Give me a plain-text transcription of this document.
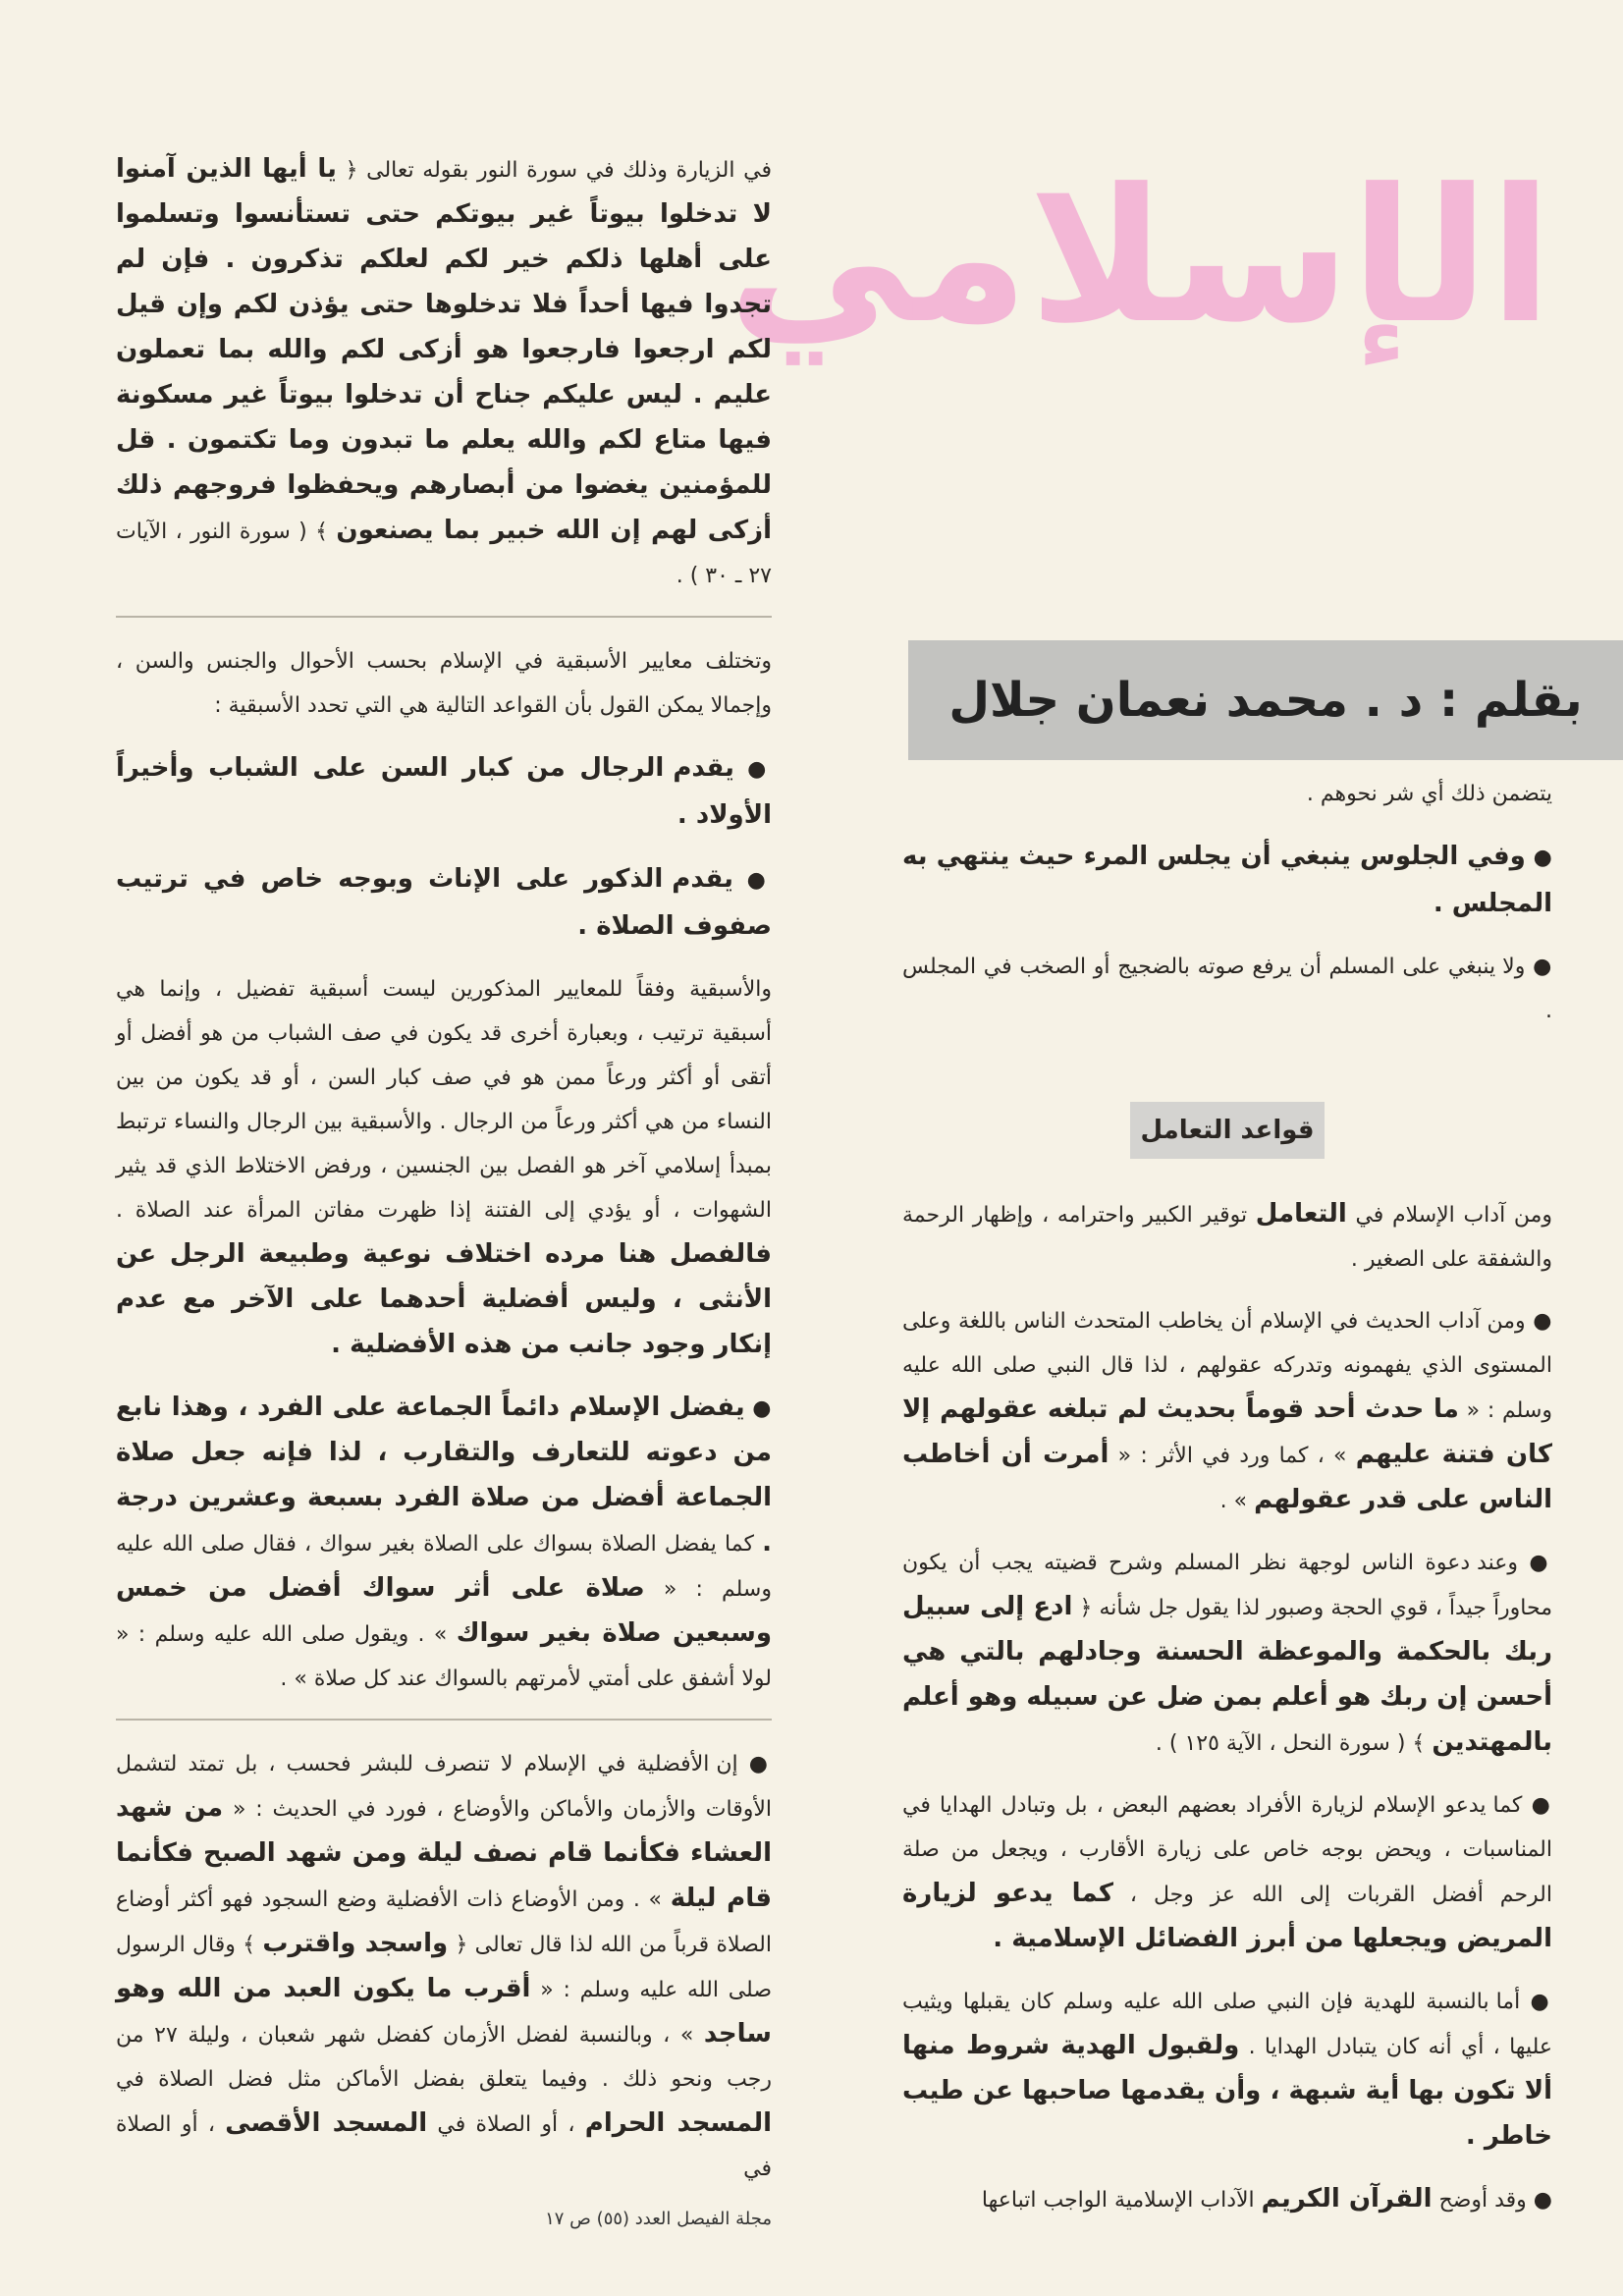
الإسلامي
بقلم : د . محمد نعمان جلال

يتضمن ذلك أي شر نحوهم .

● وفي الجلوس ينبغي أن يجلس المرء حيث ينتهي به المجلس .

● ولا ينبغي على المسلم أن يرفع صوته بالضجيج أو الصخب في المجلس .

قواعد التعامل

ومن آداب الإسلام في التعامل توقير الكبير واحترامه ، وإظهار الرحمة والشفقة على الصغير .

● ومن آداب الحديث في الإسلام أن يخاطب المتحدث الناس باللغة وعلى المستوى الذي يفهمونه وتدركه عقولهم ، لذا قال النبي صلى الله عليه وسلم : « ما حدث أحد قوماً بحديث لم تبلغه عقولهم إلا كان فتنة عليهم » ، كما ورد في الأثر : « أمرت أن أخاطب الناس على قدر عقولهم » .

● وعند دعوة الناس لوجهة نظر المسلم وشرح قضيته يجب أن يكون محاوراً جيداً ، قوي الحجة وصبور لذا يقول جل شأنه ﴿ ادع إلى سبيل ربك بالحكمة والموعظة الحسنة وجادلهم بالتي هي أحسن إن ربك هو أعلم بمن ضل عن سبيله وهو أعلم بالمهتدين ﴾ ( سورة النحل ، الآية ١٢٥ ) .

● كما يدعو الإسلام لزيارة الأفراد بعضهم البعض ، بل وتبادل الهدايا في المناسبات ، ويحض بوجه خاص على زيارة الأقارب ، ويجعل من صلة الرحم أفضل القربات إلى الله عز وجل ، كما يدعو لزيارة المريض ويجعلها من أبرز الفضائل الإسلامية .

● أما بالنسبة للهدية فإن النبي صلى الله عليه وسلم كان يقبلها ويثيب عليها ، أي أنه كان يتبادل الهدايا . ولقبول الهدية شروط منها ألا تكون بها أية شبهة ، وأن يقدمها صاحبها عن طيب خاطر .

● وقد أوضح القرآن الكريم الآداب الإسلامية الواجب اتباعها

في الزيارة وذلك في سورة النور بقوله تعالى ﴿ يا أيها الذين آمنوا لا تدخلوا بيوتاً غير بيوتكم حتى تستأنسوا وتسلموا على أهلها ذلكم خير لكم لعلكم تذكرون . فإن لم تجدوا فيها أحداً فلا تدخلوها حتى يؤذن لكم وإن قيل لكم ارجعوا فارجعوا هو أزكى لكم والله بما تعملون عليم . ليس عليكم جناح أن تدخلوا بيوتاً غير مسكونة فيها متاع لكم والله يعلم ما تبدون وما تكتمون . قل للمؤمنين يغضوا من أبصارهم ويحفظوا فروجهم ذلك أزكى لهم إن الله خبير بما يصنعون ﴾ ( سورة النور ، الآيات ٢٧ ـ ٣٠ ) .

وتختلف معايير الأسبقية في الإسلام بحسب الأحوال والجنس والسن ، وإجمالا يمكن القول بأن القواعد التالية هي التي تحدد الأسبقية :

● يقدم الرجال من كبار السن على الشباب وأخيراً الأولاد .

● يقدم الذكور على الإناث وبوجه خاص في ترتيب صفوف الصلاة .

والأسبقية وفقاً للمعايير المذكورين ليست أسبقية تفضيل ، وإنما هي أسبقية ترتيب ، وبعبارة أخرى قد يكون في صف الشباب من هو أفضل أو أتقى أو أكثر ورعاً ممن هو في صف كبار السن ، أو قد يكون من بين النساء من هي أكثر ورعاً من الرجال . والأسبقية بين الرجال والنساء ترتبط بمبدأ إسلامي آخر هو الفصل بين الجنسين ، ورفض الاختلاط الذي قد يثير الشهوات ، أو يؤدي إلى الفتنة إذا ظهرت مفاتن المرأة عند الصلاة . فالفصل هنا مرده اختلاف نوعية وطبيعة الرجل عن الأنثى ، وليس أفضلية أحدهما على الآخر مع عدم إنكار وجود جانب من هذه الأفضلية .

● يفضل الإسلام دائماً الجماعة على الفرد ، وهذا نابع من دعوته للتعارف والتقارب ، لذا فإنه جعل صلاة الجماعة أفضل من صلاة الفرد بسبعة وعشرين درجة . كما يفضل الصلاة بسواك على الصلاة بغير سواك ، فقال صلى الله عليه وسلم : « صلاة على أثر سواك أفضل من خمس وسبعين صلاة بغير سواك » . ويقول صلى الله عليه وسلم : « لولا أشفق على أمتي لأمرتهم بالسواك عند كل صلاة » .

● إن الأفضلية في الإسلام لا تنصرف للبشر فحسب ، بل تمتد لتشمل الأوقات والأزمان والأماكن والأوضاع ، فورد في الحديث : « من شهد العشاء فكأنما قام نصف ليلة ومن شهد الصبح فكأنما قام ليلة » . ومن الأوضاع ذات الأفضلية وضع السجود فهو أكثر أوضاع الصلاة قرباً من الله لذا قال تعالى ﴿ واسجد واقترب ﴾ وقال الرسول صلى الله عليه وسلم : « أقرب ما يكون العبد من الله وهو ساجد » ، وبالنسبة لفضل الأزمان كفضل شهر شعبان ، وليلة ٢٧ من رجب ونحو ذلك . وفيما يتعلق بفضل الأماكن مثل فضل الصلاة في المسجد الحرام ، أو الصلاة في المسجد الأقصى ، أو الصلاة في

مجلة الفيصل العدد (٥٥) ص ١٧
